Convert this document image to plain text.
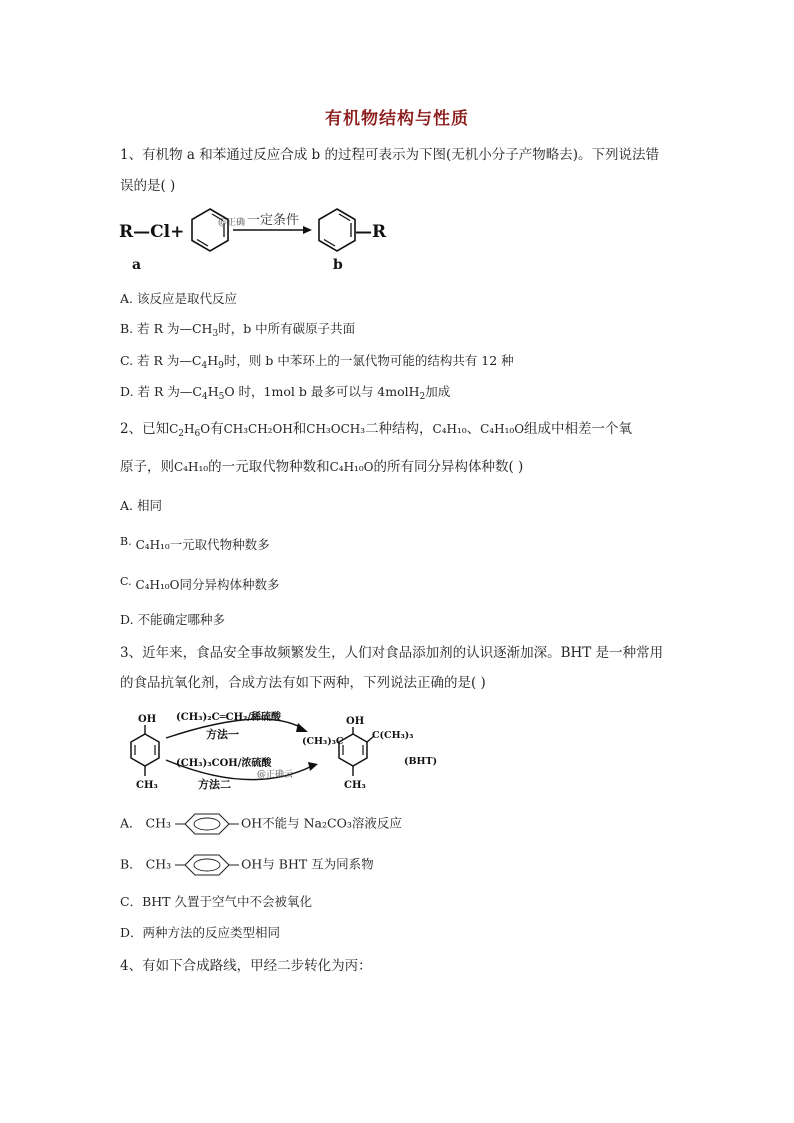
有机物结构与性质
1、有机物 a 和苯通过反应合成 b 的过程可表示为下图(无机小分子产物略去)。下列说法错
误的是( )
R—Cl+	@正确 一定条件
—R
a	b
A. 该反应是取代反应
B. 若 R 为$—CH_3$时，b 中所有碳原子共面
C. 若 R 为$—C_4H_9$时，则 b 中苯环上的一氯代物可能的结构共有 12 种
D. 若 R 为$—C_4H_5O$ 时，1mol b 最多可以与 4molH$_2$加成
2、已知$C_2H_6O$有CH₃CH₂OH和CH₃OCH₃二种结构，C₄H₁₀、C₄H₁₀O组成中相差一个氧
原子，则C₄H₁₀的一元取代物种数和C₄H₁₀O的所有同分异构体种数( )
A. 相同
B. C₄H₁₀一元取代物种数多
C. C₄H₁₀O同分异构体种数多
D. 不能确定哪种多
3、近年来，食品安全事故频繁发生，人们对食品添加剂的认识逐渐加深。BHT 是一种常用
的食品抗氧化剂，合成方法有如下两种，下列说法正确的是( )
OH
CH₃
(CH₃)₂C═CH₂/稀硫酸
方法一
(CH₃)₃COH/浓硫酸
@正确云
方法二
(CH₃)₃C
OH
C(CH₃)₃
(BHT)
CH₃
A． CH₃	OH不能与 Na₂CO₃溶液反应
B． CH₃	OH与 BHT 互为同系物
C．BHT 久置于空气中不会被氧化
D．两种方法的反应类型相同
4、有如下合成路线，甲经二步转化为丙：
